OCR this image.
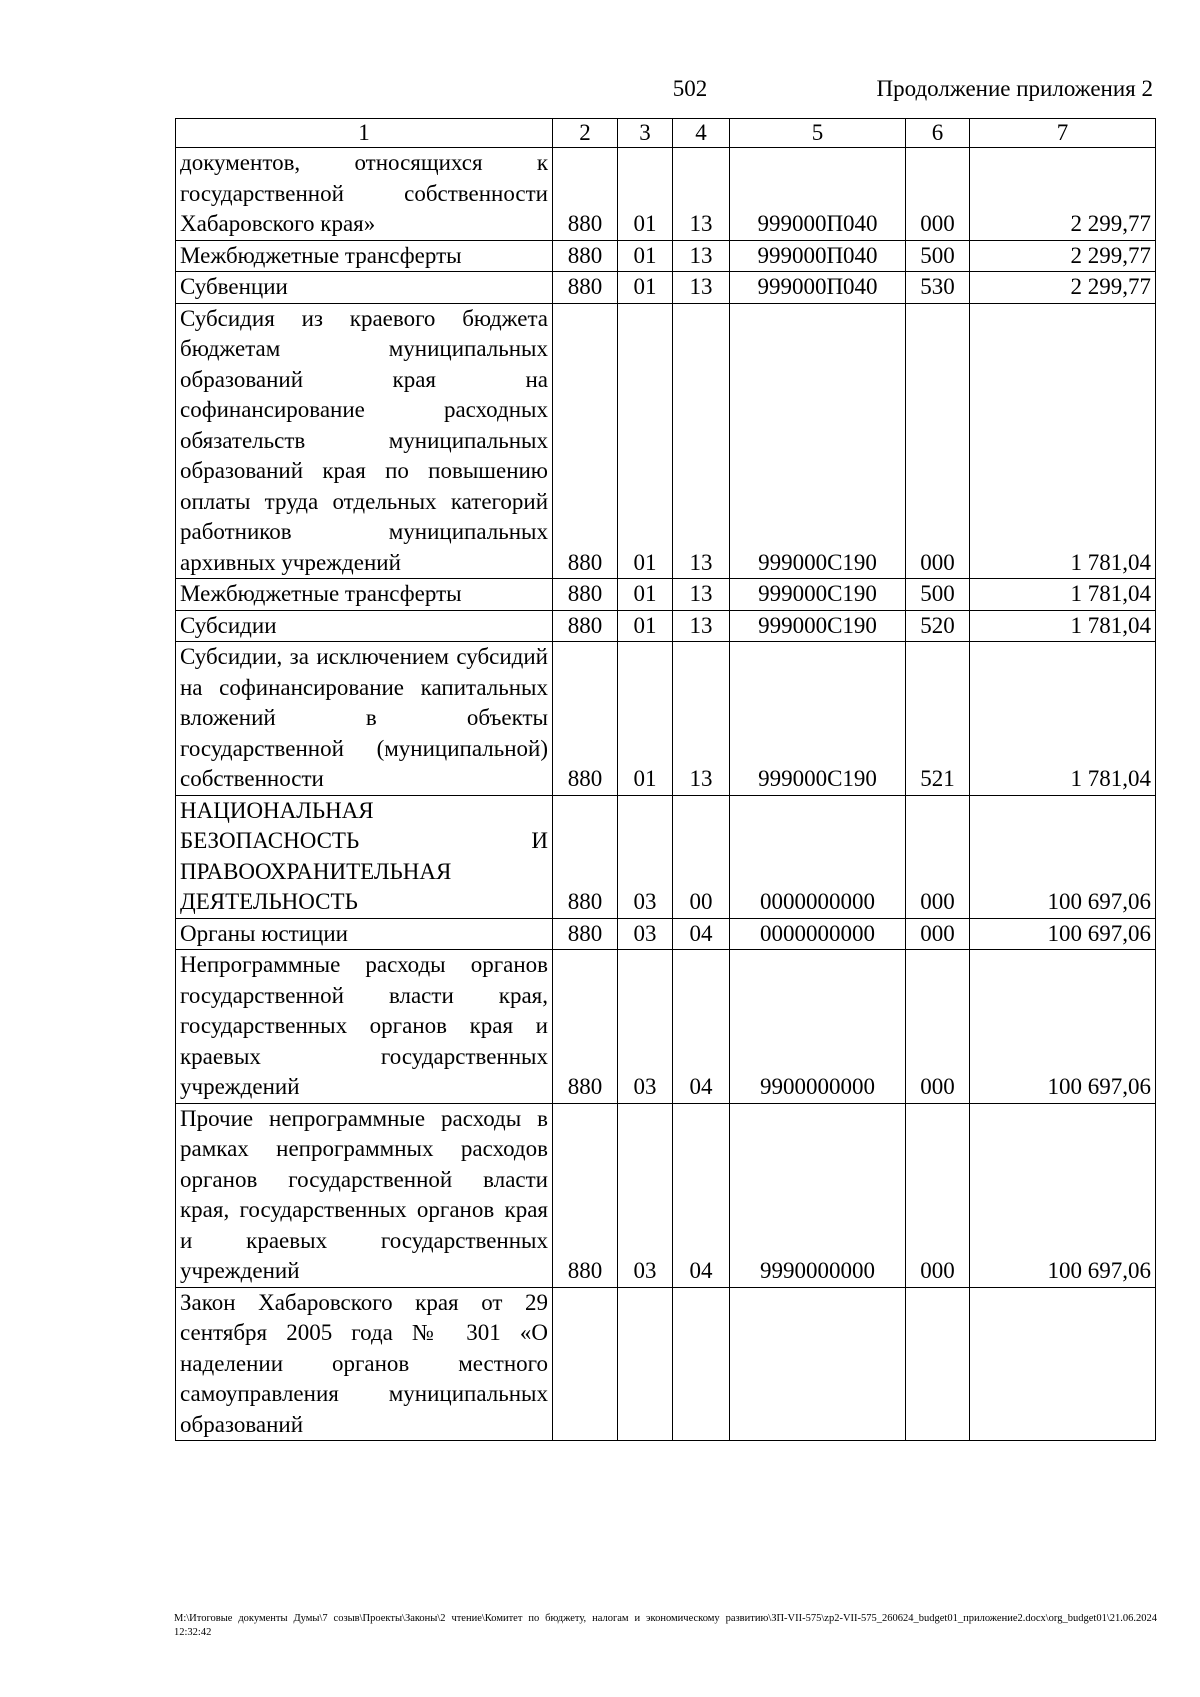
502	Продолжение приложения 2
1	2	3	4	5	6	7
документов, относящихся к государственной собственности Хабаровского края»	880	01	13	999000П040	000	2 299,77
Межбюджетные трансферты	880	01	13	999000П040	500	2 299,77
Субвенции	880	01	13	999000П040	530	2 299,77
Субсидия из краевого бюджета бюджетам муниципальных образований края на софинансирование расходных обязательств муниципальных образований края по повышению оплаты труда отдельных категорий работников муниципальных архивных учреждений	880	01	13	999000С190	000	1 781,04
Межбюджетные трансферты	880	01	13	999000С190	500	1 781,04
Субсидии	880	01	13	999000С190	520	1 781,04
Субсидии, за исключением субсидий на софинансирование капитальных вложений в объекты государственной (муниципальной) собственности	880	01	13	999000С190	521	1 781,04
НАЦИОНАЛЬНАЯ БЕЗОПАСНОСТЬ И ПРАВООХРАНИТЕЛЬНАЯ ДЕЯТЕЛЬНОСТЬ	880	03	00	0000000000	000	100 697,06
Органы юстиции	880	03	04	0000000000	000	100 697,06
Непрограммные расходы органов государственной власти края, государственных органов края и краевых государственных учреждений	880	03	04	9900000000	000	100 697,06
Прочие непрограммные расходы в рамках непрограммных расходов органов государственной власти края, государственных органов края и краевых государственных учреждений	880	03	04	9990000000	000	100 697,06
Закон Хабаровского края от 29 сентября 2005 года № 301 «О наделении органов местного самоуправления муниципальных образований						
М:\Итоговые документы Думы\7 созыв\Проекты\Законы\2 чтение\Комитет по бюджету, налогам и экономическому развитию\ЗП-VII-575\zp2-VII-575_260624_budget01_приложение2.docx\org_budget01\21.06.2024 12:32:42
